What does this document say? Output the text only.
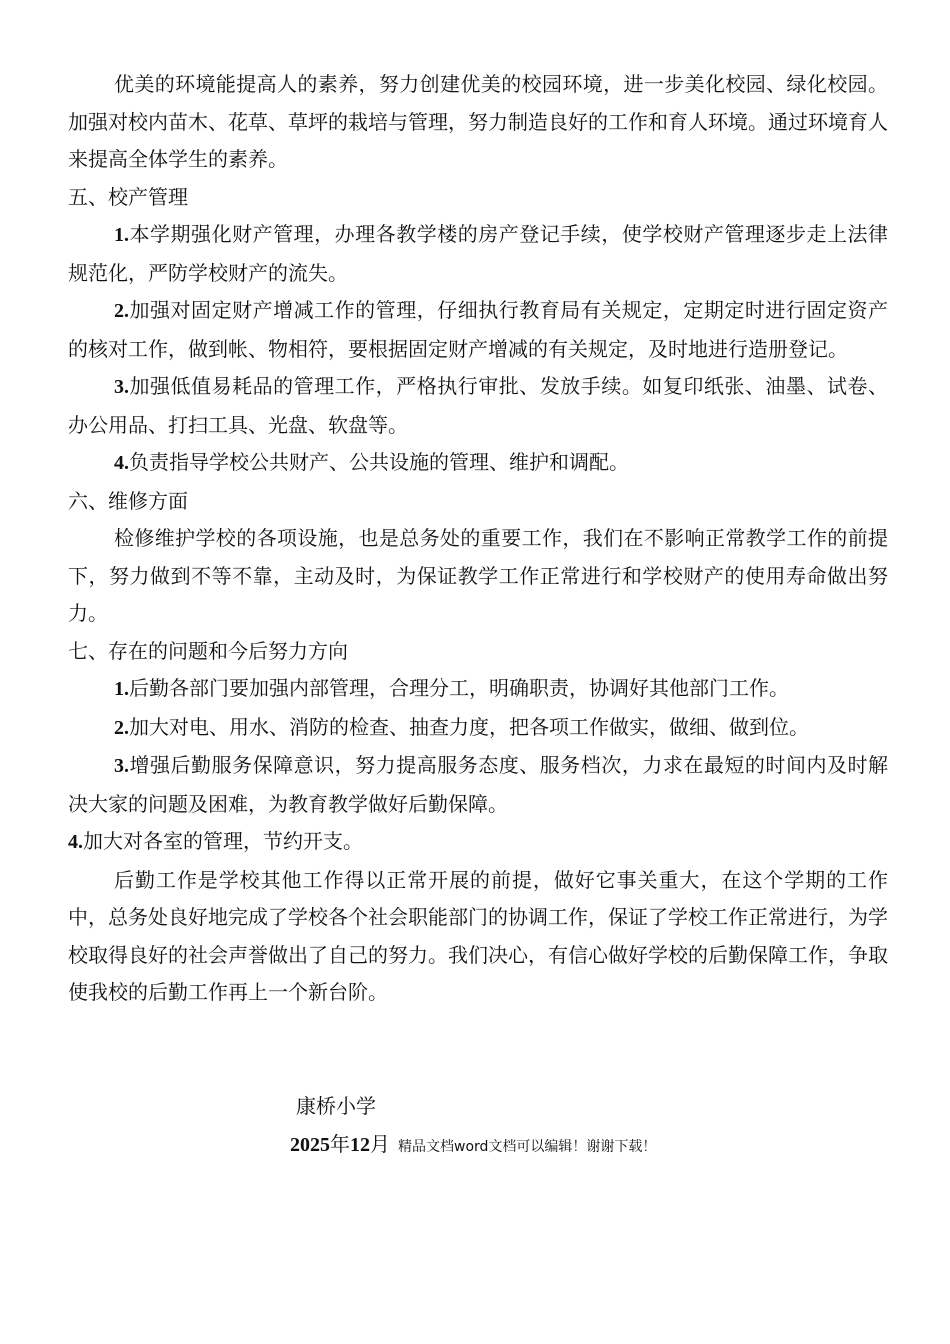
优美的环境能提高人的素养，努力创建优美的校园环境，进一步美化校园、绿化校园。加强对校内苗木、花草、草坪的栽培与管理，努力制造良好的工作和育人环境。通过环境育人来提高全体学生的素养。

五、校产管理

1.本学期强化财产管理，办理各教学楼的房产登记手续，使学校财产管理逐步走上法律规范化，严防学校财产的流失。

2.加强对固定财产增减工作的管理，仔细执行教育局有关规定，定期定时进行固定资产的核对工作，做到帐、物相符，要根据固定财产增减的有关规定，及时地进行造册登记。

3.加强低值易耗品的管理工作，严格执行审批、发放手续。如复印纸张、油墨、试卷、办公用品、打扫工具、光盘、软盘等。

4.负责指导学校公共财产、公共设施的管理、维护和调配。

六、维修方面

检修维护学校的各项设施，也是总务处的重要工作，我们在不影响正常教学工作的前提下，努力做到不等不靠，主动及时，为保证教学工作正常进行和学校财产的使用寿命做出努力。

七、存在的问题和今后努力方向

1.后勤各部门要加强内部管理，合理分工，明确职责，协调好其他部门工作。

2.加大对电、用水、消防的检查、抽查力度，把各项工作做实，做细、做到位。

3.增强后勤服务保障意识，努力提高服务态度、服务档次，力求在最短的时间内及时解决大家的问题及困难，为教育教学做好后勤保障。

4.加大对各室的管理，节约开支。

后勤工作是学校其他工作得以正常开展的前提，做好它事关重大，在这个学期的工作中，总务处良好地完成了学校各个社会职能部门的协调工作，保证了学校工作正常进行，为学校取得良好的社会声誉做出了自己的努力。我们决心，有信心做好学校的后勤保障工作，争取使我校的后勤工作再上一个新台阶。

康桥小学
2025年12月 精品文档word文档可以编辑！谢谢下载！
